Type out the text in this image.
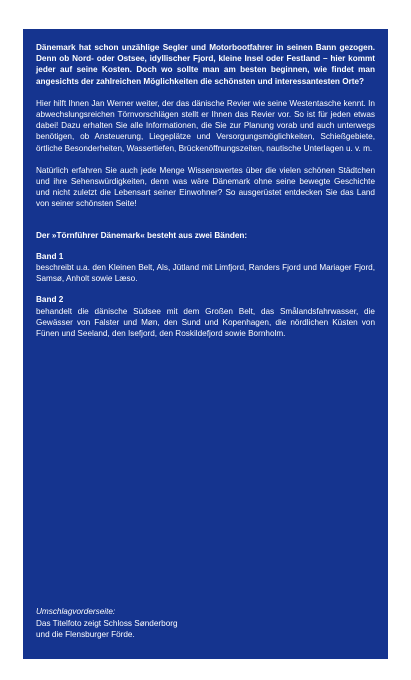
Dänemark hat schon unzählige Segler und Motorbootfahrer in seinen Bann gezogen. Denn ob Nord- oder Ostsee, idyllischer Fjord, kleine Insel oder Festland – hier kommt jeder auf seine Kosten. Doch wo sollte man am besten beginnen, wie findet man angesichts der zahlreichen Möglichkeiten die schönsten und interessantesten Orte?

Hier hilft Ihnen Jan Werner weiter, der das dänische Revier wie seine Westentasche kennt. In abwechslungsreichen Törnvorschlägen stellt er Ihnen das Revier vor. So ist für jeden etwas dabei! Dazu erhalten Sie alle Informationen, die Sie zur Planung vorab und auch unterwegs benötigen, ob Ansteuerung, Liegeplätze und Versorgungsmöglichkeiten, Schießgebiete, örtliche Besonderheiten, Wassertiefen, Brückenöffnungszeiten, nautische Unterlagen u. v. m.

Natürlich erfahren Sie auch jede Menge Wissenswertes über die vielen schönen Städtchen und ihre Sehenswürdigkeiten, denn was wäre Dänemark ohne seine bewegte Geschichte und nicht zuletzt die Lebensart seiner Einwohner? So ausgerüstet entdecken Sie das Land von seiner schönsten Seite!

Der »Törnführer Dänemark« besteht aus zwei Bänden:

Band 1

beschreibt u.a. den Kleinen Belt, Als, Jütland mit Limfjord, Randers Fjord und Mariager Fjord, Samsø, Anholt sowie Læso.

Band 2

behandelt die dänische Südsee mit dem Großen Belt, das Smålandsfahrwasser, die Gewässer von Falster und Møn, den Sund und Kopenhagen, die nördlichen Küsten von Fünen und Seeland, den Isefjord, den Roskildefjord sowie Bornholm.

Umschlagvorderseite:

Das Titelfoto zeigt Schloss Sønderborg

und die Flensburger Förde.
